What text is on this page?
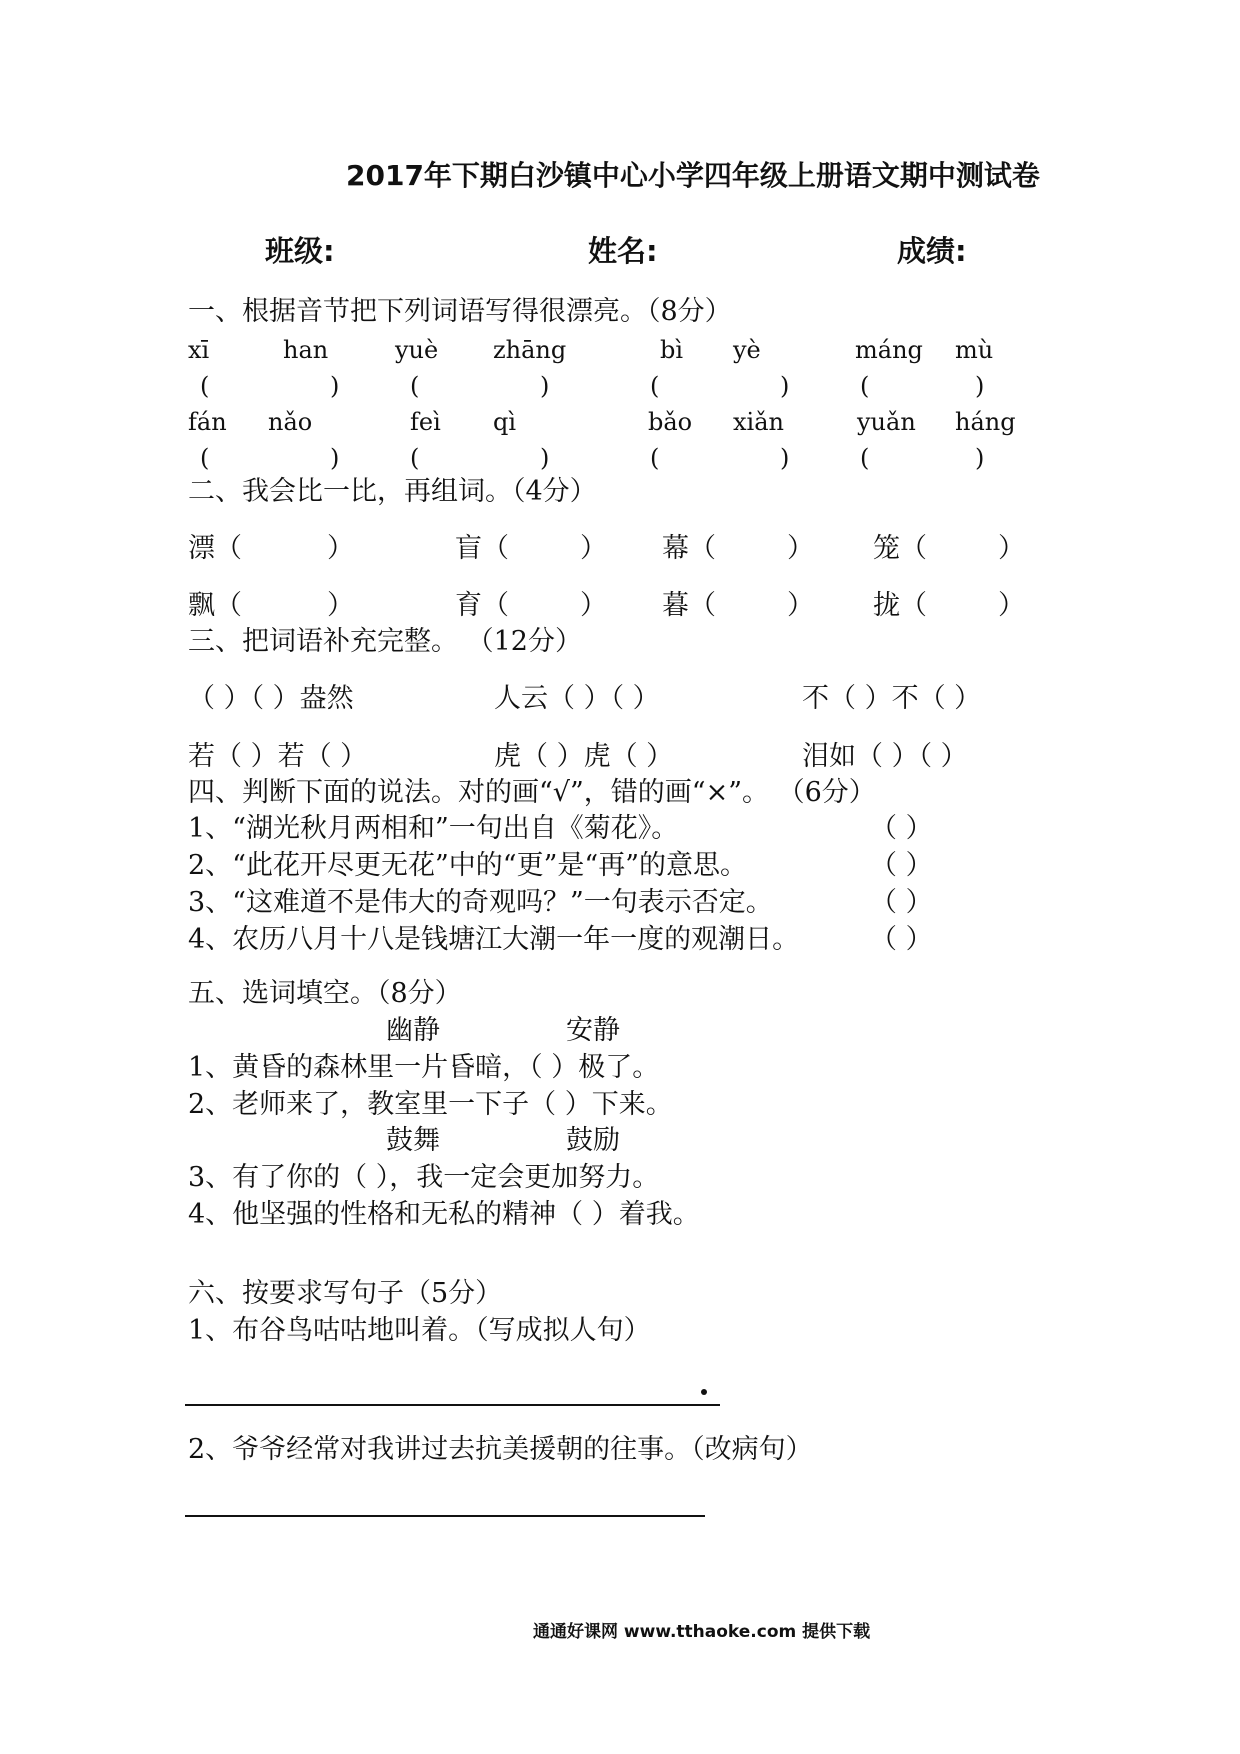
2017年下期白沙镇中心小学四年级上册语文期中测试卷
班级:	姓名:	成绩:
一、根据音节把下列词语写得很漂亮。（8分）
xī	han	yuè zhāng	bì yè	máng mù
(	)	(	)	(	)	(	)
fán nǎo	feì qì	bǎo xiǎn	yuǎn háng
(	)	(	)	(	)	(	)
二、我会比一比，再组词。（4分）
漂（	）	盲（	） 幕（	） 笼（	）
飘（	）	育（	） 暮（	） 拢（	）
三、把词语补充完整。 （12分）
（ ）（ ）盎然	人云（ ）（ ）	不（ ）不（ ）
若（ ）若（ ）	虎（ ）虎（ ）	泪如（ ）（ ）
四、判断下面的说法。对的画“√”，错的画“×”。 （6分）
1、“湖光秋月两相和”一句出自《菊花》。	（ ）
2、“此花开尽更无花”中的“更”是“再”的意思。	（ ）
3、“这难道不是伟大的奇观吗？”一句表示否定。	（ ）
4、农历八月十八是钱塘江大潮一年一度的观潮日。	（ ）
五、选词填空。（8分）
幽静	安静
1、黄昏的森林里一片昏暗，（ ）极了。
2、老师来了，教室里一下子（ ）下来。
鼓舞	鼓励
3、有了你的（ ），我一定会更加努力。
4、他坚强的性格和无私的精神（ ）着我。
六、按要求写句子（5分）
1、布谷鸟咕咕地叫着。（写成拟人句）
2、爷爷经常对我讲过去抗美援朝的往事。（改病句）
通通好课网 www.tthaoke.com 提供下载
